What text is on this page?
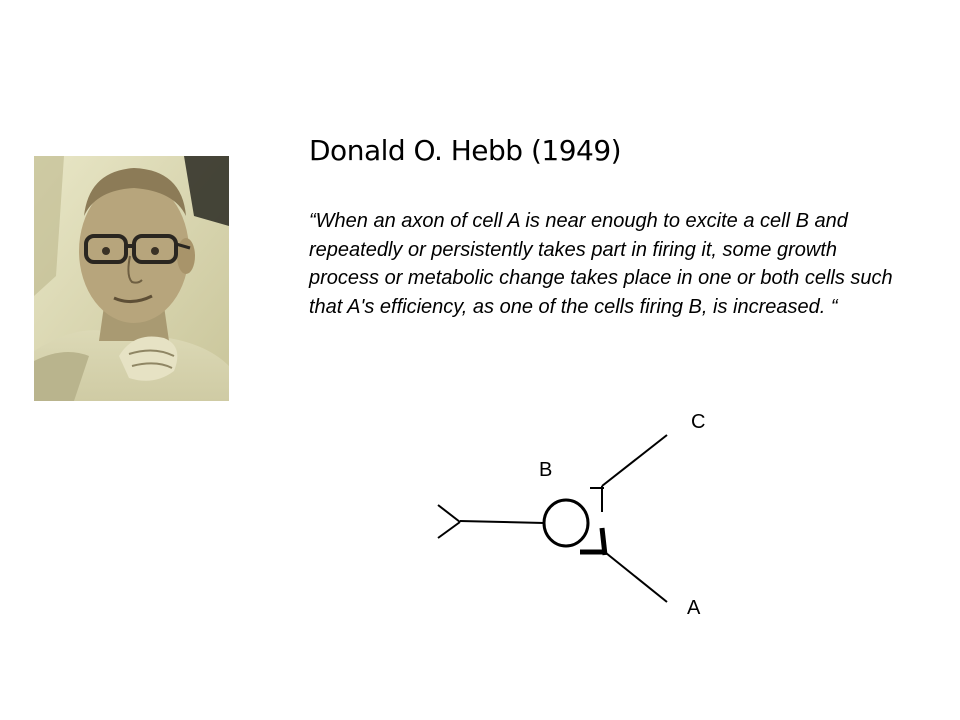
Donald O. Hebb (1949)
“When an axon of cell A is near enough to excite a cell B and repeatedly or persistently takes part in firing it, some growth process or metabolic change takes place in one or both cells such that A's efficiency, as one of the cells firing B, is increased. “
C
B
A
